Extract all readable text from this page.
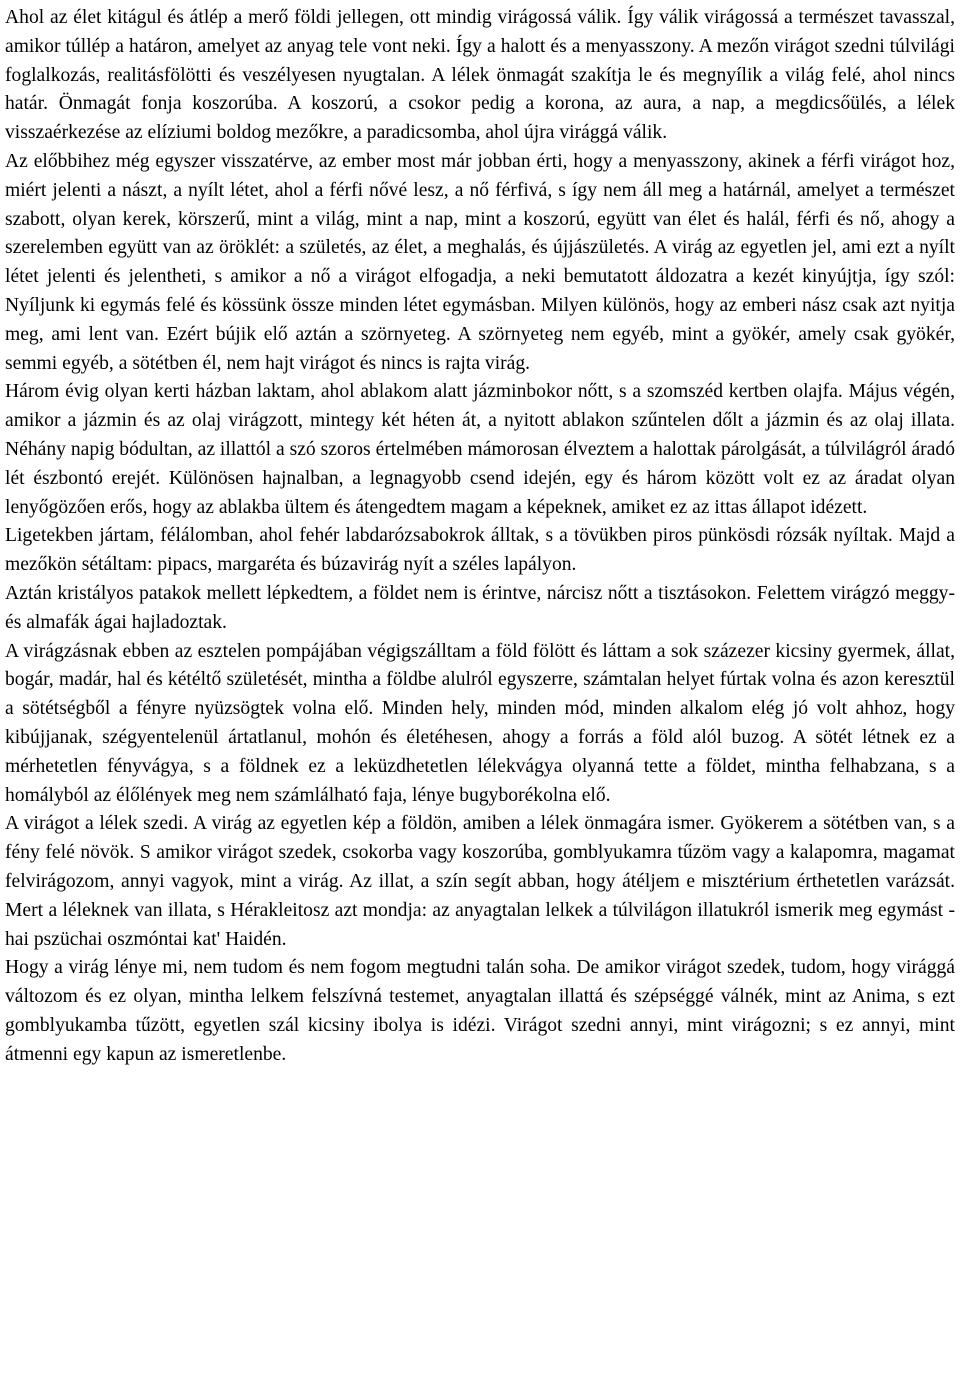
Ahol az élet kitágul és átlép a merő földi jellegen, ott mindig virágossá válik. Így válik virágossá a természet tavasszal, amikor túllép a határon, amelyet az anyag tele vont neki. Így a halott és a menyasszony. A mezőn virágot szedni túlvilági foglalkozás, realitásfölötti és veszélyesen nyugtalan. A lélek önmagát szakítja le és megnyílik a világ felé, ahol nincs határ. Önmagát fonja koszorúba. A koszorú, a csokor pedig a korona, az aura, a nap, a megdicsőülés, a lélek visszaérkezése az elíziumi boldog mezőkre, a paradicsomba, ahol újra virággá válik.

Az előbbihez még egyszer visszatérve, az ember most már jobban érti, hogy a menyasszony, akinek a férfi virágot hoz, miért jelenti a nászt, a nyílt létet, ahol a férfi nővé lesz, a nő férfivá, s így nem áll meg a határnál, amelyet a természet szabott, olyan kerek, körszerű, mint a világ, mint a nap, mint a koszorú, együtt van élet és halál, férfi és nő, ahogy a szerelemben együtt van az öröklét: a születés, az élet, a meghalás, és újjászületés. A virág az egyetlen jel, ami ezt a nyílt létet jelenti és jelentheti, s amikor a nő a virágot elfogadja, a neki bemutatott áldozatra a kezét kinyújtja, így szól: Nyíljunk ki egymás felé és kössünk össze minden létet egymásban. Milyen különös, hogy az emberi nász csak azt nyitja meg, ami lent van. Ezért bújik elő aztán a szörnyeteg. A szörnyeteg nem egyéb, mint a gyökér, amely csak gyökér, semmi egyéb, a sötétben él, nem hajt virágot és nincs is rajta virág.

Három évig olyan kerti házban laktam, ahol ablakom alatt jázminbokor nőtt, s a szomszéd kertben olajfa. Május végén, amikor a jázmin és az olaj virágzott, mintegy két héten át, a nyitott ablakon szűntelen dőlt a jázmin és az olaj illata. Néhány napig bódultan, az illattól a szó szoros értelmében mámorosan élveztem a halottak párolgását, a túlvilágról áradó lét észbontó erejét. Különösen hajnalban, a legnagyobb csend idején, egy és három között volt ez az áradat olyan lenyőgözően erős, hogy az ablakba ültem és átengedtem magam a képeknek, amiket ez az ittas állapot idézett.

Ligetekben jártam, félálomban, ahol fehér labdarózsabokrok álltak, s a tövükben piros pünkösdi rózsák nyíltak. Majd a mezőkön sétáltam: pipacs, margaréta és búzavirág nyít a széles lapályon.

Aztán kristályos patakok mellett lépkedtem, a földet nem is érintve, nárcisz nőtt a tisztásokon. Felettem virágzó meggy- és almafák ágai hajladoztak.

A virágzásnak ebben az esztelen pompájában végigszálltam a föld fölött és láttam a sok százezer kicsiny gyermek, állat, bogár, madár, hal és kétéltő születését, mintha a földbe alulról egyszerre, számtalan helyet fúrtak volna és azon keresztül a sötétségből a fényre nyüzsögtek volna elő. Minden hely, minden mód, minden alkalom elég jó volt ahhoz, hogy kibújjanak, szégyentelenül ártatlanul, mohón és életéhesen, ahogy a forrás a föld alól buzog. A sötét létnek ez a mérhetetlen fényvágya, s a földnek ez a leküzdhetetlen lélekvágya olyanná tette a földet, mintha felhabzana, s a homályból az élőlények meg nem számlálható faja, lénye bugyborékolna elő.

A virágot a lélek szedi. A virág az egyetlen kép a földön, amiben a lélek önmagára ismer. Gyökerem a sötétben van, s a fény felé növök. S amikor virágot szedek, csokorba vagy koszorúba, gomblyukamra tűzöm vagy a kalapomra, magamat felvirágozom, annyi vagyok, mint a virág. Az illat, a szín segít abban, hogy átéljem e misztérium érthetetlen varázsát. Mert a léleknek van illata, s Hérakleitosz azt mondja: az anyagtalan lelkek a túlvilágon illatukról ismerik meg egymást - hai pszüchai oszmóntai kat' Haidén.

Hogy a virág lénye mi, nem tudom és nem fogom megtudni talán soha. De amikor virágot szedek, tudom, hogy virággá változom és ez olyan, mintha lelkem felszívná testemet, anyagtalan illattá és szépséggé válnék, mint az Anima, s ezt gomblyukamba tűzött, egyetlen szál kicsiny ibolya is idézi. Virágot szedni annyi, mint virágozni; s ez annyi, mint átmenni egy kapun az ismeretlenbe.
